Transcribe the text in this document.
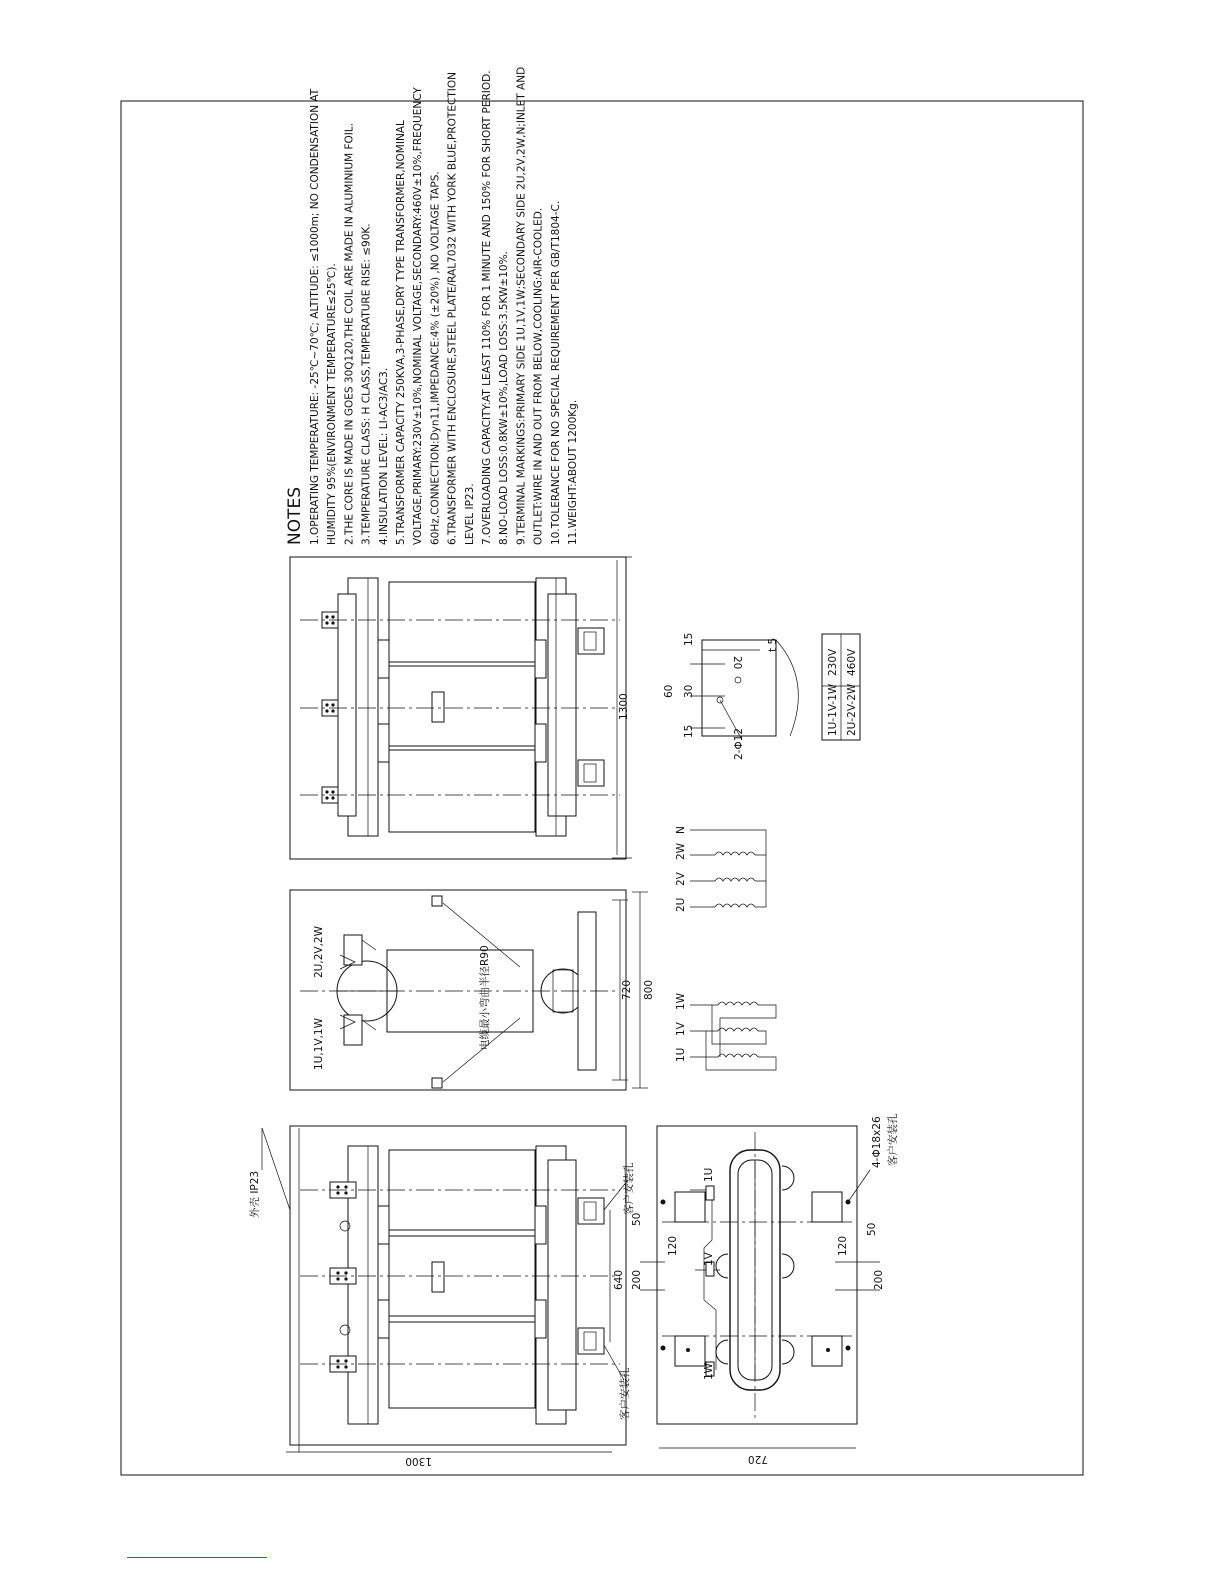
NOTES 1.OPERATING TEMPERATURE: -25℃~70℃; ALTITUDE: ≤1000m; NO CONDENSATION AT HUMIDITY 95%(ENVIRONMENT TEMPERATURE≤25℃). 2.THE CORE IS MADE IN GOES 30Q120,THE COIL ARE MADE IN ALUMINIUM FOIL. 3.TEMPERATURE CLASS: H CLASS,TEMPERATURE RISE: ≤90K. 4.INSULATION LEVEL: LI-AC3/AC3. 5.TRANSFORMER CAPACITY 250KVA,3-PHASE,DRY TYPE TRANSFORMER,NOMINAL VOLTAGE,PRIMARY:230V±10%,NOMINAL VOLTAGE,SECONDARY:460V±10%,FREQUENCY 60Hz,CONNECTION:Dyn11,IMPEDANCE:4% (±20%) ,NO VOLTAGE TAPS. 6.TRANSFORMER WITH ENCLOSURE,STEEL PLATE/RAL7032 WITH YORK BLUE,PROTECTION LEVEL IP23. 7.OVERLOADING CAPACITY:AT LEAST 110% FOR 1 MINUTE AND 150% FOR SHORT PERIOD. 8.NO-LOAD LOSS:0.8KW±10%,LOAD LOSS:3.5KW±10%. 9.TERMINAL MARKINGS:PRIMARY SIDE 1U,1V,1W;SECONDARY SIDE 2U,2V,2W,N;INLET AND OUTLET:WIRE IN AND OUT FROM BELOW,COOLING:AIR-COOLED. 10.TOLERANCE FOR NO SPECIAL REQUIREMENT PER GB/T1804-C. 11.WEIGHT:ABOUT 1200Kg.
1300
2U,2V,2W
1U,1V,1W	电缆最小弯曲半径R90	720 800
1300
外壳 IP23
640
客户安装孔
客户安装孔
1U
1V
1W
200
120
50
200
120
50
720
4-Φ18x26 客户安装孔
2U
2V
2W
N
1U
1V
1W
60 30
15
15
20
2-Φ12
t 5
1U-1V-1W
230V
2U-2V-2W
460V
